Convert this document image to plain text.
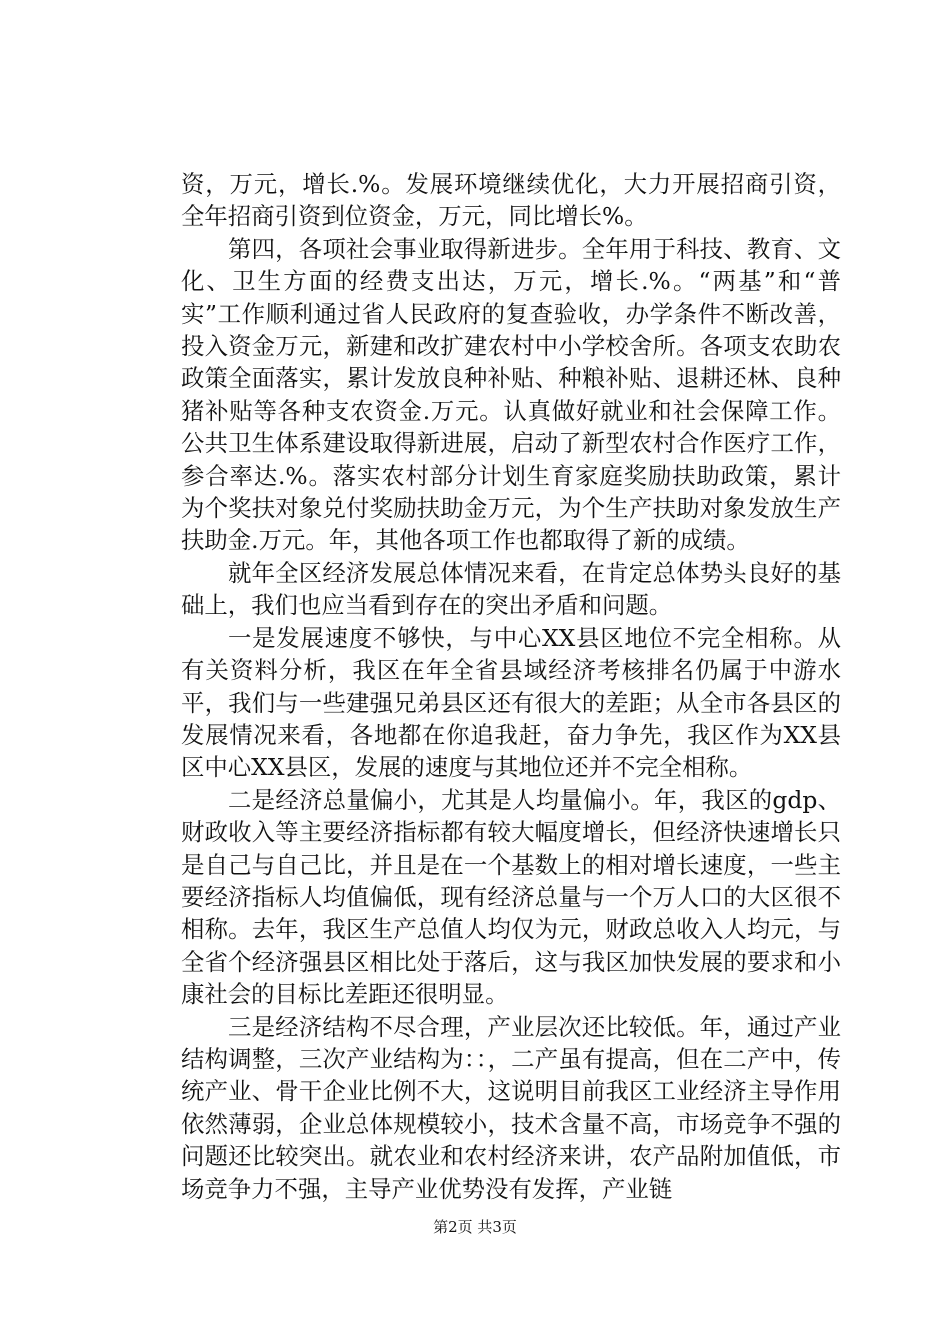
资，万元，增长.%。发展环境继续优化，大力开展招商引资，全年招商引资到位资金，万元，同比增长%。

第四，各项社会事业取得新进步。全年用于科技、教育、文化、卫生方面的经费支出达，万元，增长.%。“两基”和“普实”工作顺利通过省人民政府的复查验收，办学条件不断改善，投入资金万元，新建和改扩建农村中小学校舍所。各项支农助农政策全面落实，累计发放良种补贴、种粮补贴、退耕还林、良种猪补贴等各种支农资金.万元。认真做好就业和社会保障工作。公共卫生体系建设取得新进展，启动了新型农村合作医疗工作，参合率达.%。落实农村部分计划生育家庭奖励扶助政策，累计为个奖扶对象兑付奖励扶助金万元，为个生产扶助对象发放生产扶助金.万元。年，其他各项工作也都取得了新的成绩。

就年全区经济发展总体情况来看，在肯定总体势头良好的基础上，我们也应当看到存在的突出矛盾和问题。

一是发展速度不够快，与中心XX县区地位不完全相称。从有关资料分析，我区在年全省县域经济考核排名仍属于中游水平，我们与一些建强兄弟县区还有很大的差距；从全市各县区的发展情况来看，各地都在你追我赶，奋力争先，我区作为XX县区中心XX县区，发展的速度与其地位还并不完全相称。

二是经济总量偏小，尤其是人均量偏小。年，我区的gdp、财政收入等主要经济指标都有较大幅度增长，但经济快速增长只是自己与自己比，并且是在一个基数上的相对增长速度，一些主要经济指标人均值偏低，现有经济总量与一个万人口的大区很不相称。去年，我区生产总值人均仅为元，财政总收入人均元，与全省个经济强县区相比处于落后，这与我区加快发展的要求和小康社会的目标比差距还很明显。

三是经济结构不尽合理，产业层次还比较低。年，通过产业结构调整，三次产业结构为：：，二产虽有提高，但在二产中，传统产业、骨干企业比例不大，这说明目前我区工业经济主导作用依然薄弱，企业总体规模较小，技术含量不高，市场竞争不强的问题还比较突出。就农业和农村经济来讲，农产品附加值低，市场竞争力不强，主导产业优势没有发挥，产业链

第2页 共3页
